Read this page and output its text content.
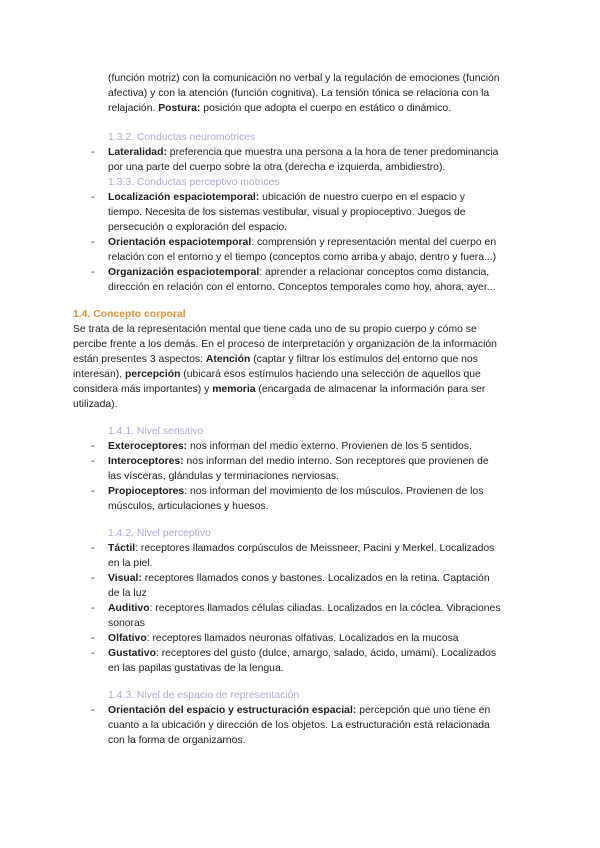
(función motriz) con la comunicación no verbal y la regulación de emociones (función

afectiva) y con la atención (función cognitiva). La tensión tónica se relaciona con la

relajación. Postura: posición que adopta el cuerpo en estático o dinámico.

1.3.2. Conductas neuromotrices

- Lateralidad: preferencia que muestra una persona a la hora de tener predominancia

por una parte del cuerpo sobre la otra (derecha e izquierda, ambidiestro).

1.3.3. Conductas perceptivo motrices

- Localización espaciotemporal: ubicación de nuestro cuerpo en el espacio y

tiempo. Necesita de los sistemas vestibular, visual y propioceptivo. Juegos de

persecución o exploración del espacio.

- Orientación espaciotemporal: comprensión y representación mental del cuerpo en

relación con el entorno y el tiempo (conceptos como arriba y abajo, dentro y fuera...)

- Organización espaciotemporal: aprender a relacionar conceptos como distancia,

dirección en relación con el entorno. Conceptos temporales como hoy, ahora, ayer...

1.4. Concepto corporal

Se trata de la representación mental que tiene cada uno de su propio cuerpo y cómo se

percibe frente a los demás. En el proceso de interpretación y organización de la información

están presentes 3 aspectos: Atención (captar y filtrar los estímulos del entorno que nos

interesan), percepción (ubicará esos estímulos haciendo una selección de aquellos que

considera más importantes) y memoria (encargada de almacenar la información para ser

utilizada).

1.4.1. Nivel sensitivo

- Exteroceptores: nos informan del medio externo. Provienen de los 5 sentidos.

- Interoceptores: nos informan del medio interno. Son receptores que provienen de

las vísceras, glándulas y terminaciones nerviosas.

- Propioceptores: nos informan del movimiento de los músculos. Provienen de los

músculos, articulaciones y huesos.

1.4.2. Nivel perceptivo

- Táctil: receptores llamados corpúsculos de Meissneer, Pacini y Merkel. Localizados

en la piel.

- Visual: receptores llamados conos y bastones. Localizados en la retina. Captación

de la luz

- Auditivo: receptores llamados células ciliadas. Localizados en la cóclea. Vibraciones

sonoras

- Olfativo: receptores llamados neuronas olfativas. Localizados en la mucosa

- Gustativo: receptores del gusto (dulce, amargo, salado, ácido, umami). Localizados

en las papilas gustativas de la lengua.

1.4.3. Nivel de espacio de representación

- Orientación del espacio y estructuración espacial: percepción que uno tiene en

cuanto a la ubicación y dirección de los objetos. La estructuración está relacionada

con la forma de organizarnos.
